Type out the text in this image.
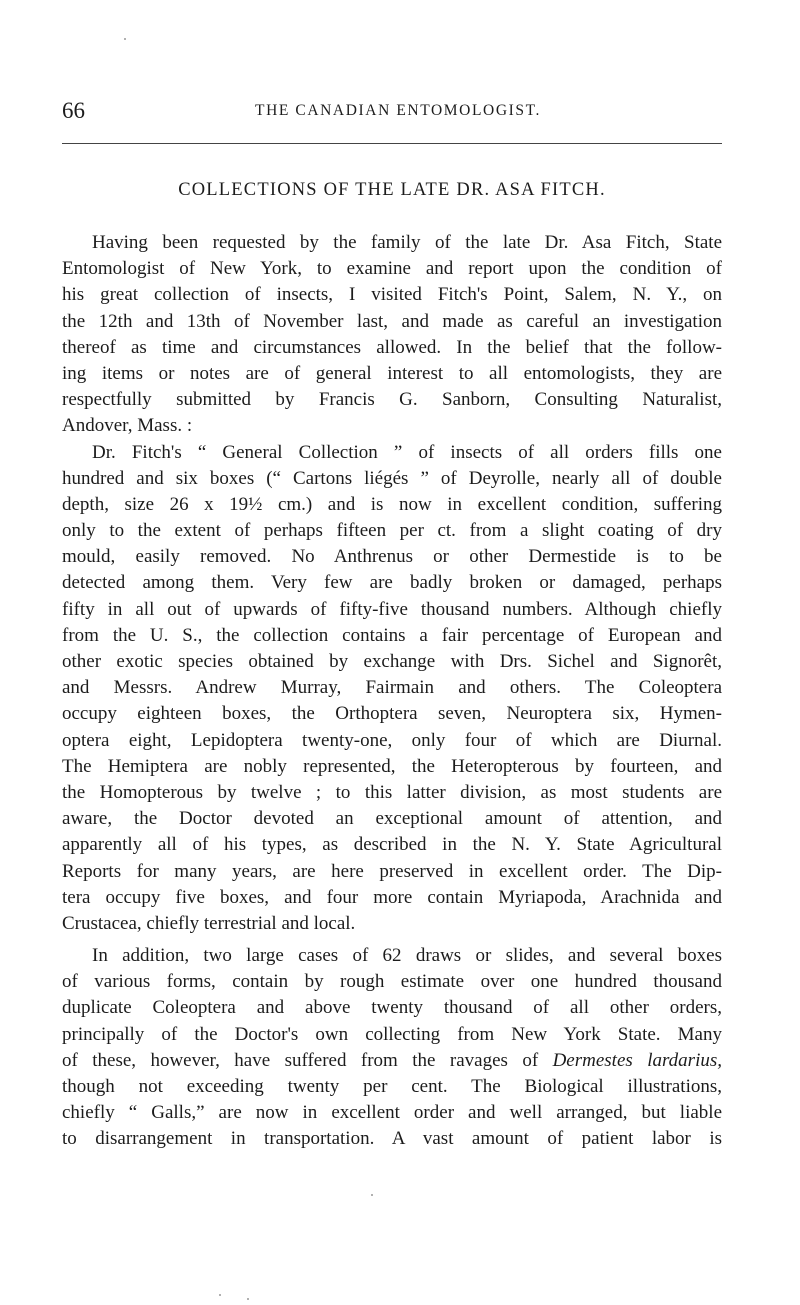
66	THE CANADIAN ENTOMOLOGIST.
COLLECTIONS OF THE LATE DR. ASA FITCH.
Having been requested by the family of the late Dr. Asa Fitch, State
Entomologist of New York, to examine and report upon the condition of
his great collection of insects, I visited Fitch's Point, Salem, N. Y., on
the 12th and 13th of November last, and made as careful an investigation
thereof as time and circumstances allowed. In the belief that the follow-
ing items or notes are of general interest to all entomologists, they are
respectfully submitted by Francis G. Sanborn, Consulting Naturalist,
Andover, Mass. :
Dr. Fitch's “ General Collection ” of insects of all orders fills one
hundred and six boxes (“ Cartons liégés ” of Deyrolle, nearly all of double
depth, size 26 x 19½ cm.) and is now in excellent condition, suffering
only to the extent of perhaps fifteen per ct. from a slight coating of dry
mould, easily removed. No Anthrenus or other Dermestide is to be
detected among them. Very few are badly broken or damaged, perhaps
fifty in all out of upwards of fifty-five thousand numbers. Although chiefly
from the U. S., the collection contains a fair percentage of European and
other exotic species obtained by exchange with Drs. Sichel and Signorêt,
and Messrs. Andrew Murray, Fairmain and others. The Coleoptera
occupy eighteen boxes, the Orthoptera seven, Neuroptera six, Hymen-
optera eight, Lepidoptera twenty-one, only four of which are Diurnal.
The Hemiptera are nobly represented, the Heteropterous by fourteen, and
the Homopterous by twelve ; to this latter division, as most students are
aware, the Doctor devoted an exceptional amount of attention, and
apparently all of his types, as described in the N. Y. State Agricultural
Reports for many years, are here preserved in excellent order. The Dip-
tera occupy five boxes, and four more contain Myriapoda, Arachnida and
Crustacea, chiefly terrestrial and local.
In addition, two large cases of 62 draws or slides, and several boxes
of various forms, contain by rough estimate over one hundred thousand
duplicate Coleoptera and above twenty thousand of all other orders,
principally of the Doctor's own collecting from New York State. Many
of these, however, have suffered from the ravages of Dermestes lardarius,
though not exceeding twenty per cent. The Biological illustrations,
chiefly “ Galls,” are now in excellent order and well arranged, but liable
to disarrangement in transportation. A vast amount of patient labor is
